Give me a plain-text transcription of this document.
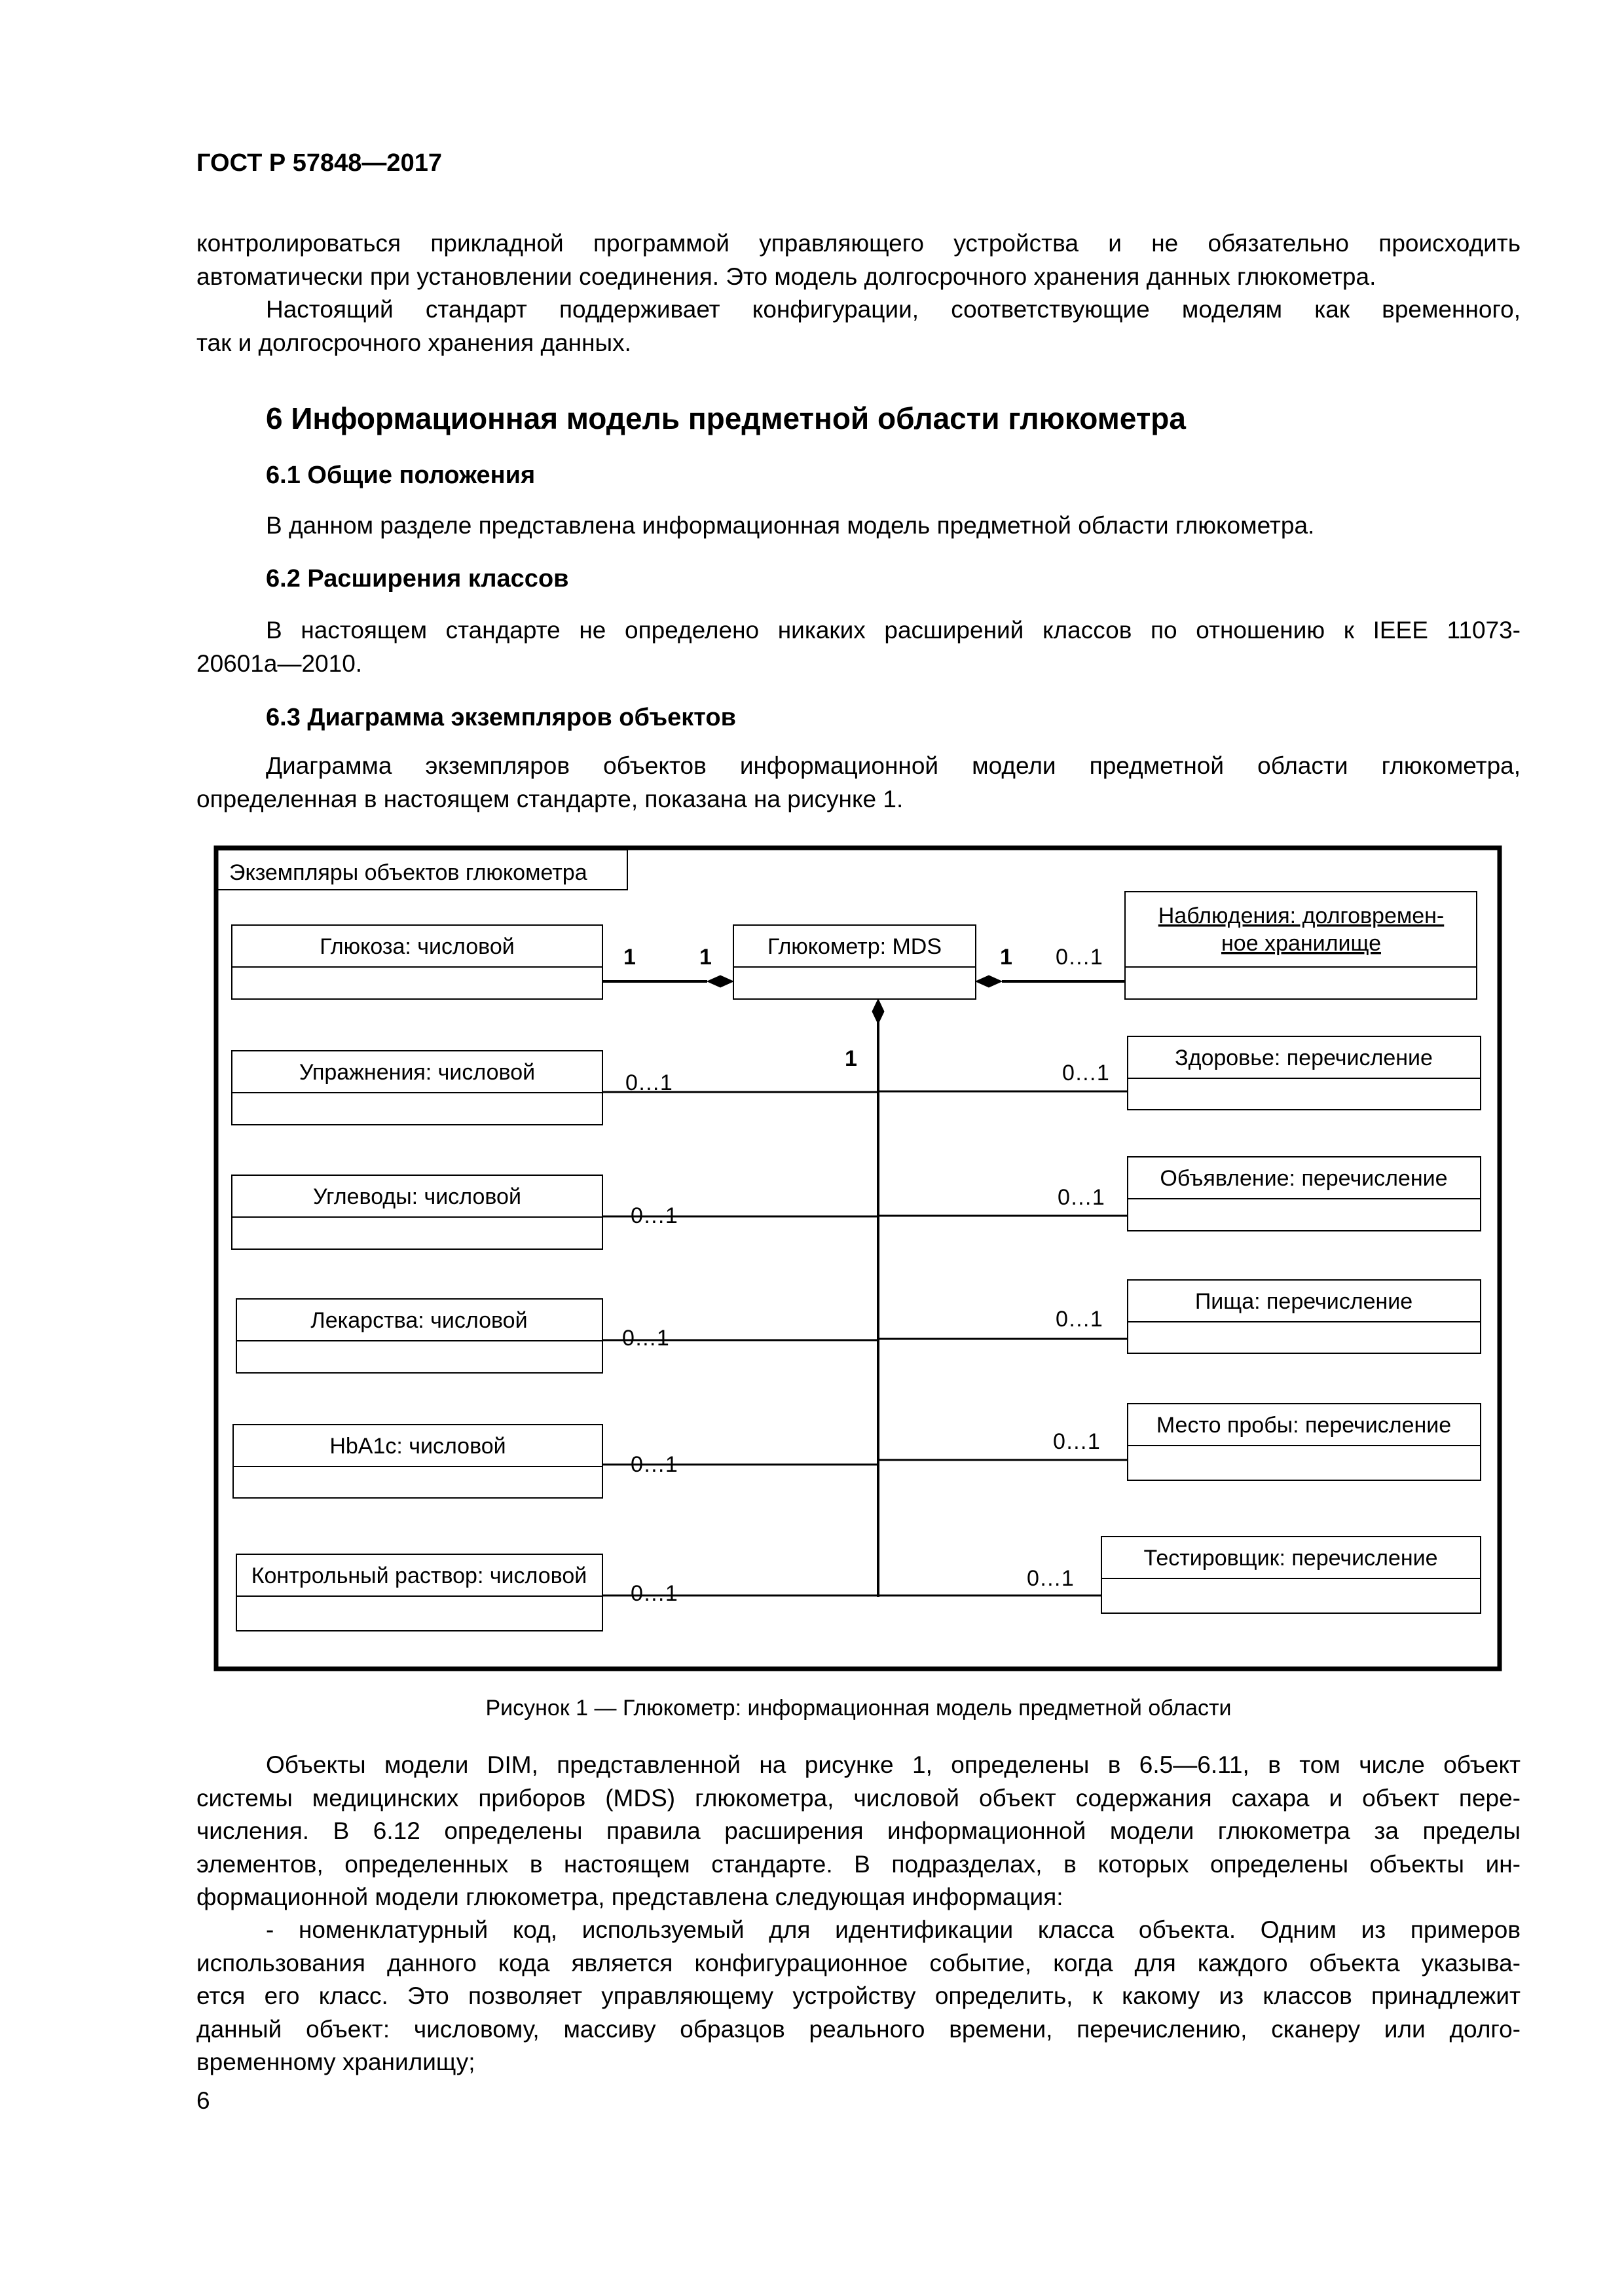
ГОСТ Р 57848—2017
контролироваться прикладной программой управляющего устройства и не обязательно происходить
автоматически при установлении соединения. Это модель долгосрочного хранения данных глюкометра.
Настоящий стандарт поддерживает конфигурации, соответствующие моделям как временного,
так и долгосрочного хранения данных.
6 Информационная модель предметной области глюкометра
6.1 Общие положения
В данном разделе представлена информационная модель предметной области глюкометра.
6.2 Расширения классов
В настоящем стандарте не определено никаких расширений классов по отношению к IEEE 11073-
20601a—2010.
6.3 Диаграмма экземпляров объектов
Диаграмма экземпляров объектов информационной модели предметной области глюкометра,
определенная в настоящем стандарте, показана на рисунке 1.
Экземпляры объектов глюкометра
Глюкометр: MDS
1
Глюкоза: числовой	1	1
Наблюдения: долговремен-
ное хранилище
1 0…1
Упражнения: числовой	0…1
Углеводы: числовой
0…1
Лекарства: числовой
0…1
HbA1c: числовой
0…1
Контрольный раствор: числовой
0…1
Здоровье: перечисление
0…1
Объявление: перечисление
0…1
Пища: перечисление
0…1
Место пробы: перечисление
0…1
Тестировщик: перечисление
0…1
Рисунок 1 — Глюкометр: информационная модель предметной области
Объекты модели DIM, представленной на рисунке 1, определены в 6.5—6.11, в том числе объект
системы медицинских приборов (MDS) глюкометра, числовой объект содержания сахара и объект пере-
числения. В 6.12 определены правила расширения информационной модели глюкометра за пределы
элементов, определенных в настоящем стандарте. В подразделах, в которых определены объекты ин-
формационной модели глюкометра, представлена следующая информация:
- номенклатурный код, используемый для идентификации класса объекта. Одним из примеров
использования данного кода является конфигурационное событие, когда для каждого объекта указыва-
ется его класс. Это позволяет управляющему устройству определить, к какому из классов принадлежит
данный объект: числовому, массиву образцов реального времени, перечислению, сканеру или долго-
временному хранилищу;
6
